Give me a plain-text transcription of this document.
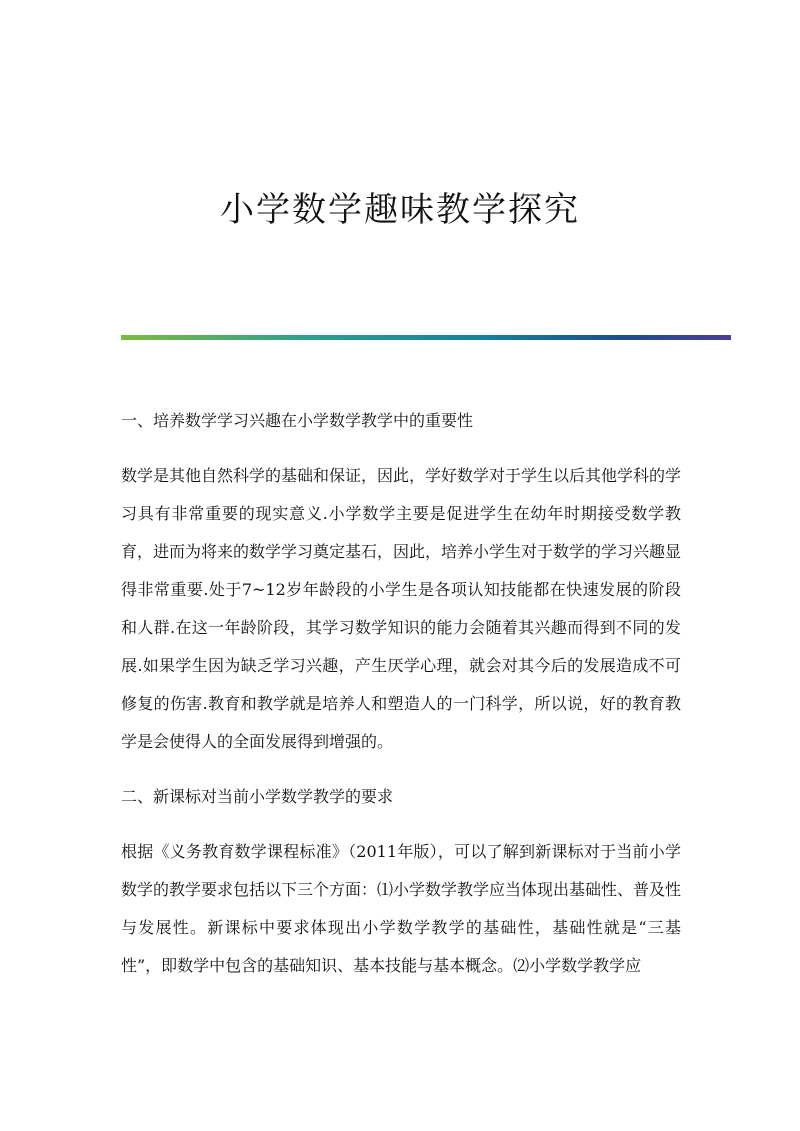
小学数学趣味教学探究

一、培养数学学习兴趣在小学数学教学中的重要性

数学是其他自然科学的基础和保证，因此，学好数学对于学生以后其他学科的学习具有非常重要的现实意义.小学数学主要是促进学生在幼年时期接受数学教育，进而为将来的数学学习奠定基石，因此，培养小学生对于数学的学习兴趣显得非常重要.处于7~12岁年龄段的小学生是各项认知技能都在快速发展的阶段和人群.在这一年龄阶段，其学习数学知识的能力会随着其兴趣而得到不同的发展.如果学生因为缺乏学习兴趣，产生厌学心理，就会对其今后的发展造成不可修复的伤害.教育和教学就是培养人和塑造人的一门科学，所以说，好的教育教学是会使得人的全面发展得到增强的。

二、新课标对当前小学数学教学的要求

根据《义务教育数学课程标准》（2011年版），可以了解到新课标对于当前小学数学的教学要求包括以下三个方面：⑴小学数学教学应当体现出基础性、普及性与发展性。新课标中要求体现出小学数学教学的基础性，基础性就是“三基性”，即数学中包含的基础知识、基本技能与基本概念。⑵小学数学教学应
